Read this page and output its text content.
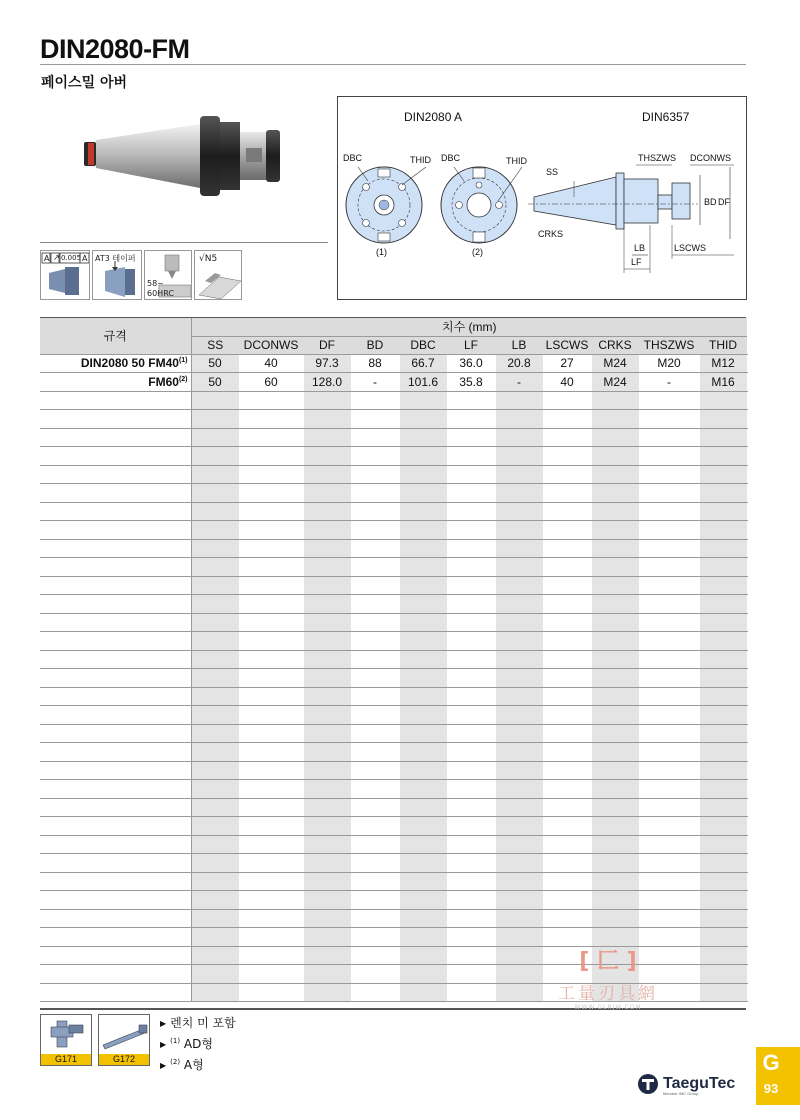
DIN2080-FM
페이스밀 아버
A ↗ 0.005 A AT3 테이퍼
58~
60HRC
√N5
DIN2080 A	DIN6357
DBC	THID
(1)
DBC	THID
(2)
SS
THSZWS DCONWS
BD DF
CRKS
LB	LSCWS
LF
규격	치수 (mm)										
	SS	DCONWS	DF	BD	DBC	LF	LB	LSCWS	CRKS	THSZWS	THID
DIN2080 50 FM40$^{(1)}$	50	40	97.3	88	66.7	36.0	20.8	27	M24	M20	M12
FM60$^{(2)}$	50	60	128.0	-	101.6	35.8	-	40	M24	-	M16

[ 匚 ]
工量刃具網
WWW.GLRJW.COM
G171	G172
▶ 렌치 미 포함
▶ $^{(1)}$ AD형
▶ $^{(2)}$ A형
TaeguTec
Member IMC Group
G
93
